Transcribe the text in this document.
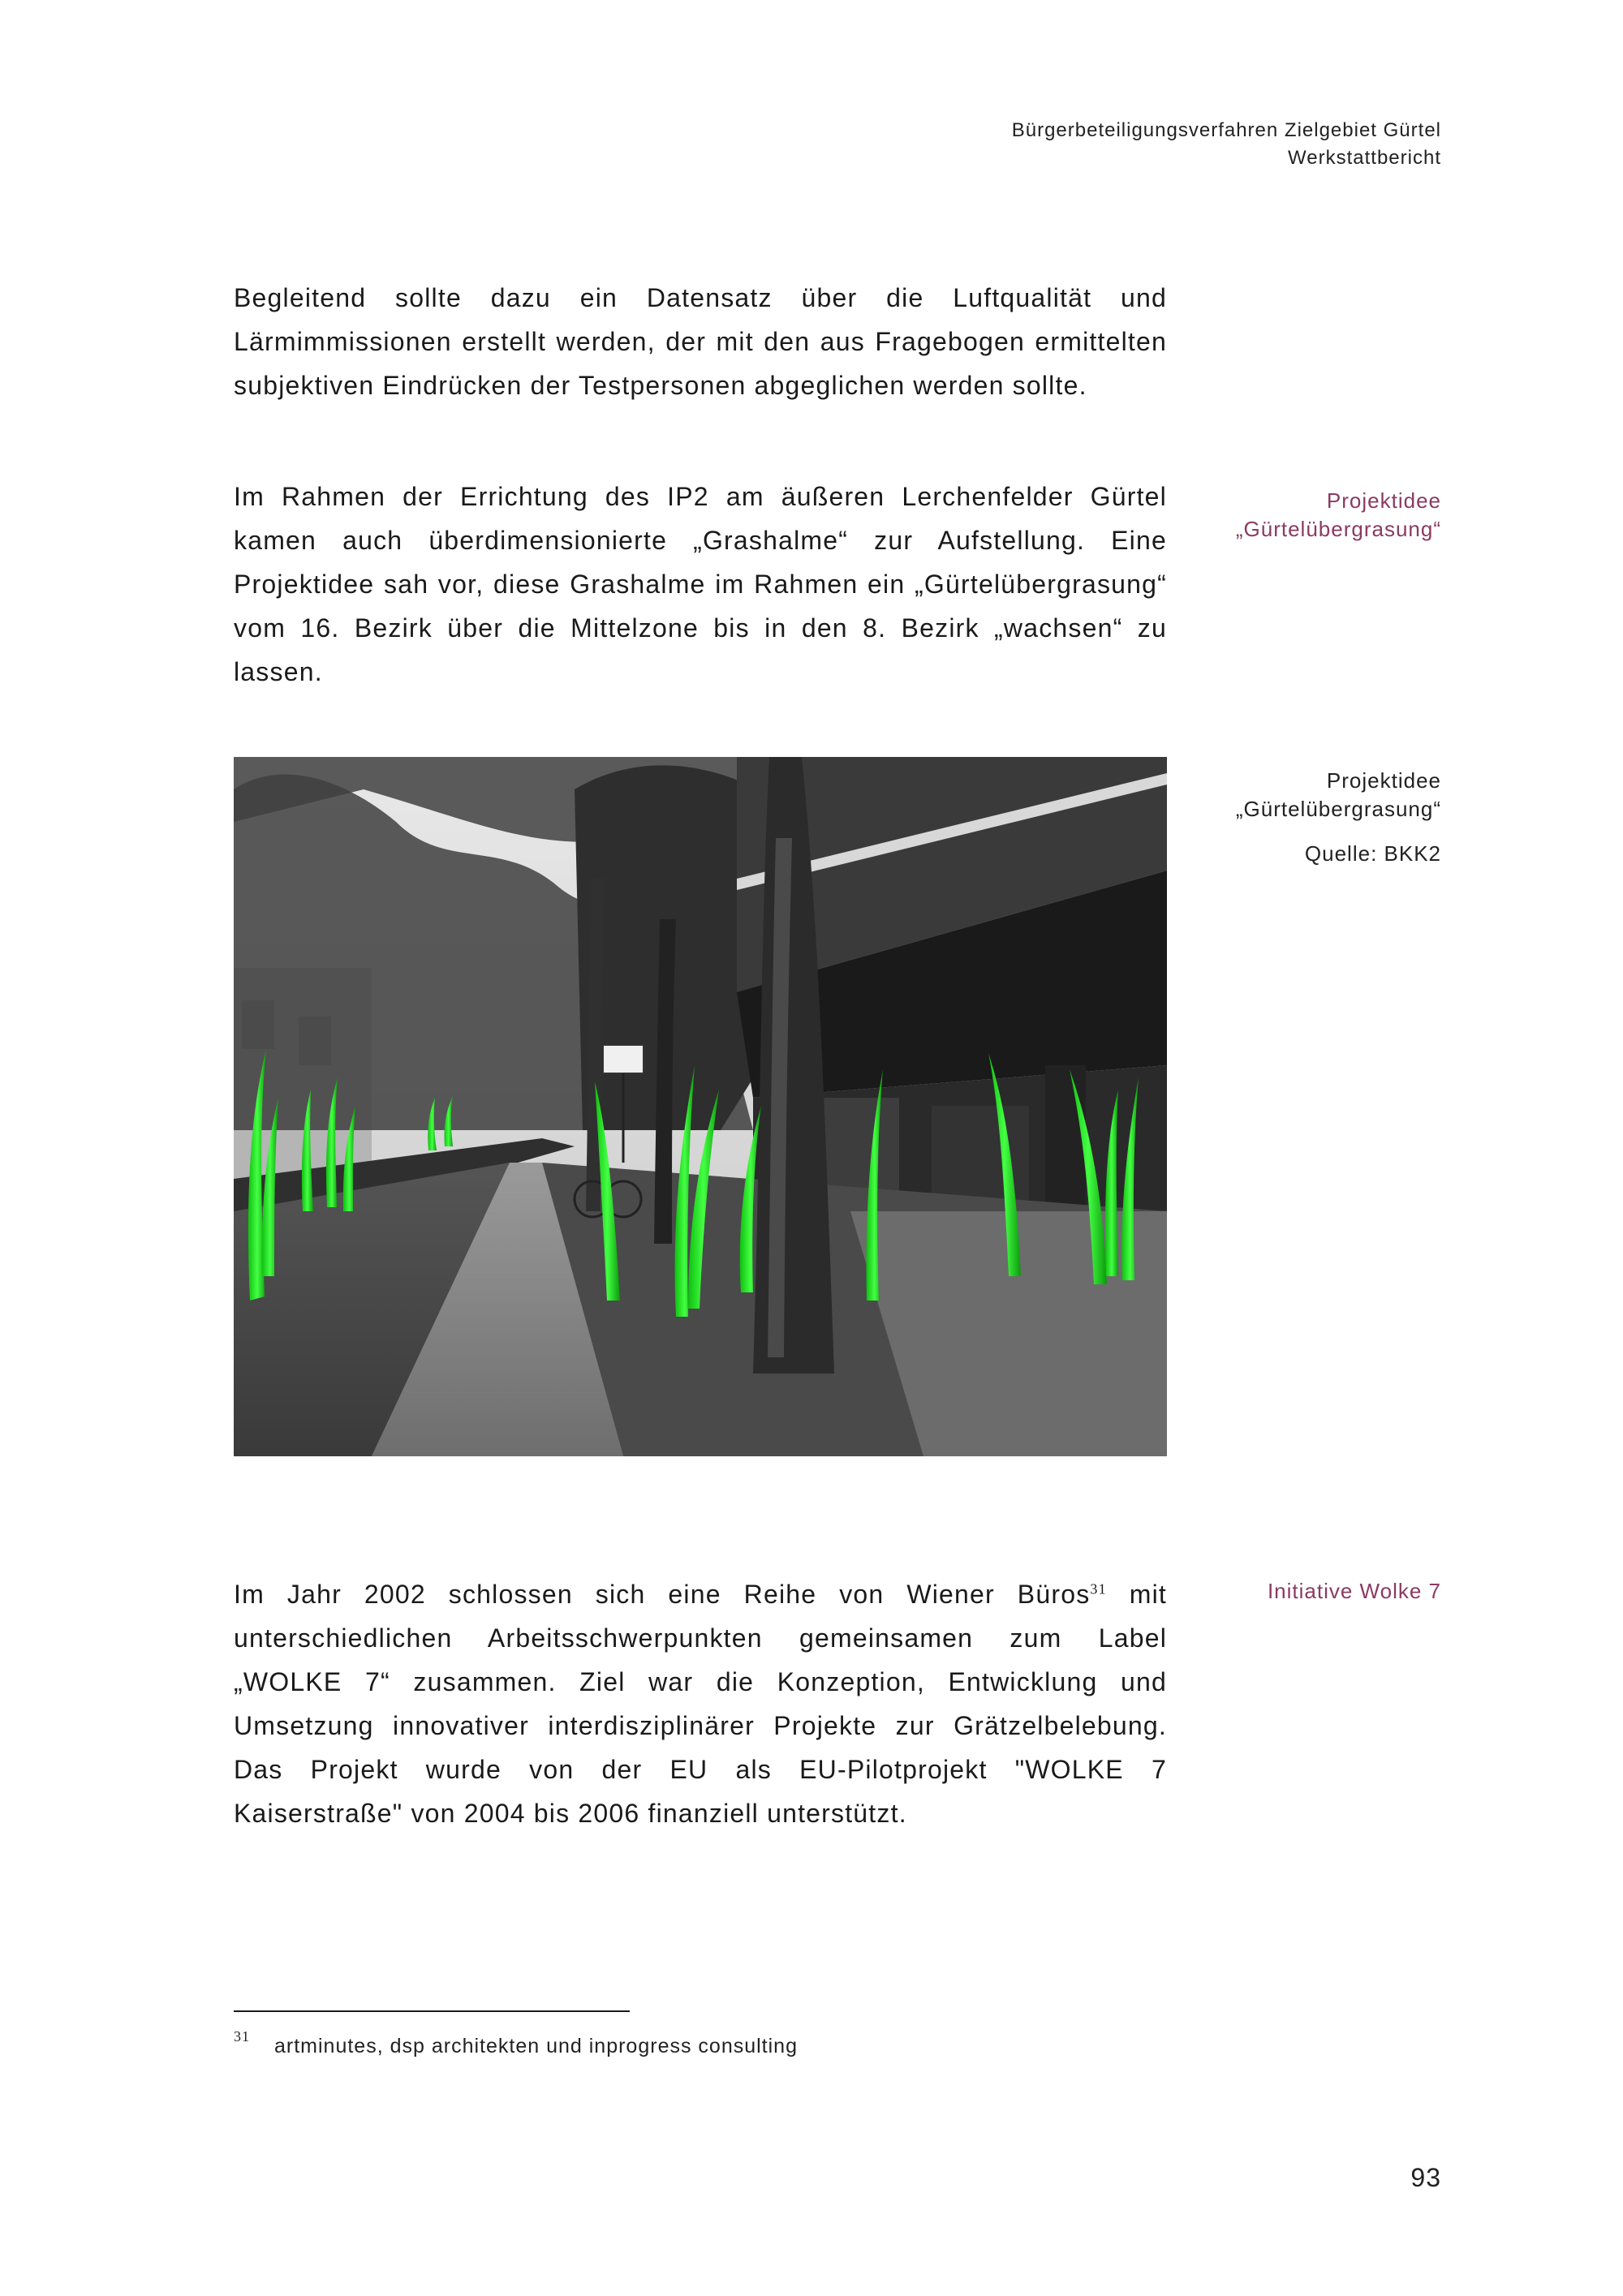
Bürgerbeteiligungsverfahren Zielgebiet Gürtel
Werkstattbericht
Begleitend sollte dazu ein Datensatz über die Luftqualität und Lärmimmissionen erstellt werden, der mit den aus Fragebogen ermittelten subjektiven Eindrücken der Testpersonen abgeglichen werden sollte.
Im Rahmen der Errichtung des IP2 am äußeren Lerchenfelder Gürtel kamen auch überdimensionierte „Grashalme“ zur Aufstellung. Eine Projektidee sah vor, diese Grashalme im Rahmen ein „Gürtelübergrasung“ vom 16. Bezirk über die Mittelzone bis in den 8. Bezirk „wachsen“ zu lassen.
Projektidee
„Gürtelübergrasung“
Projektidee
„Gürtelübergrasung“
Quelle: BKK2
Im Jahr 2002 schlossen sich eine Reihe von Wiener Büros$^{31}$ mit unterschiedlichen Arbeitsschwerpunkten gemeinsamen zum Label „WOLKE 7“ zusammen. Ziel war die Konzeption, Entwicklung und Umsetzung innovativer interdisziplinärer Projekte zur Grätzelbelebung. Das Projekt wurde von der EU als EU-Pilotprojekt "WOLKE 7 Kaiserstraße" von 2004 bis 2006 finanziell unterstützt.
Initiative Wolke 7
31 artminutes, dsp architekten und inprogress consulting
93
